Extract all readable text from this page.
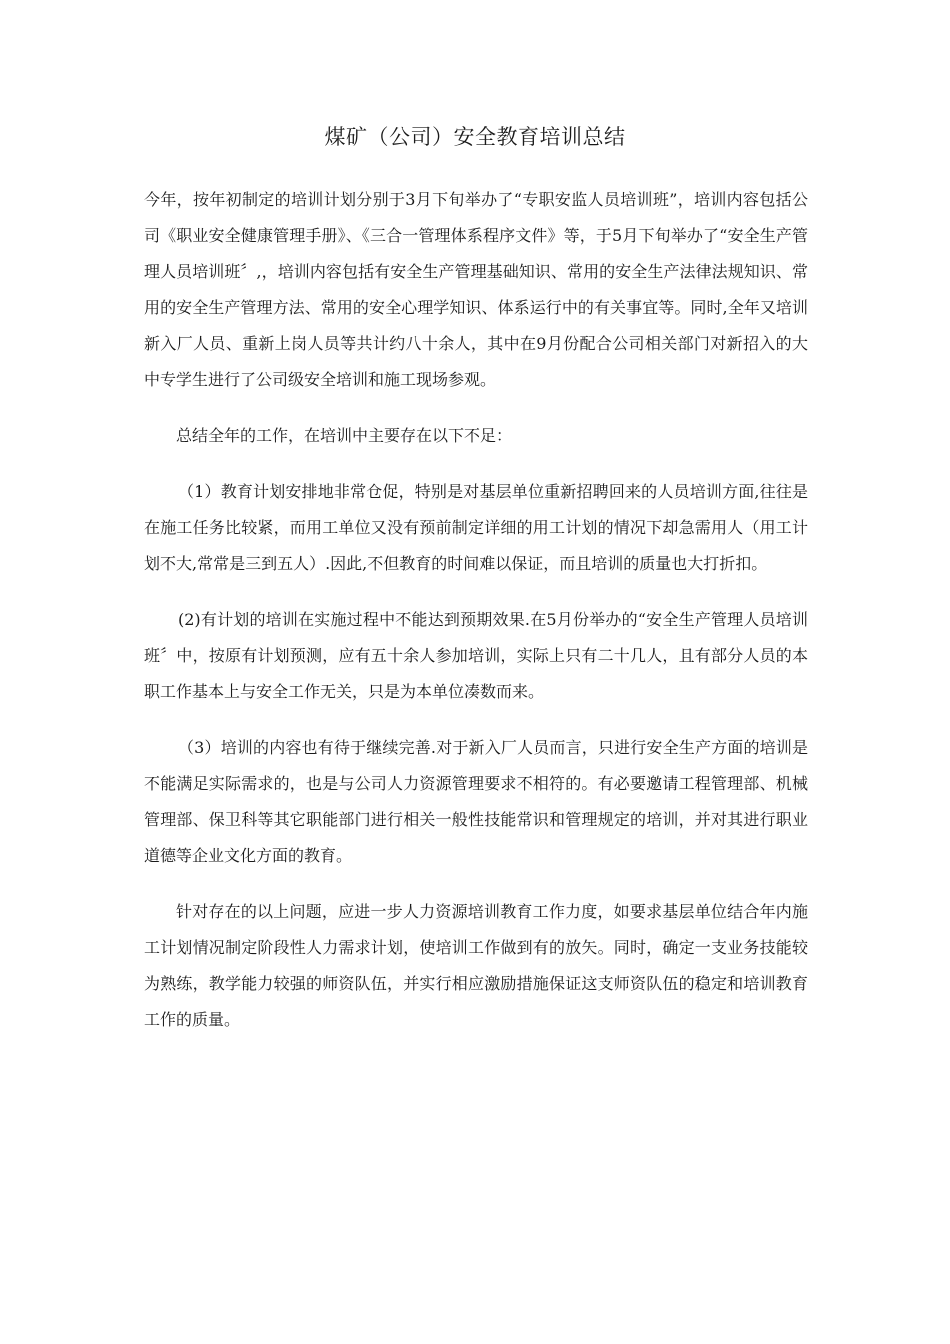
煤矿（公司）安全教育培训总结

今年，按年初制定的培训计划分别于3月下旬举办了“专职安监人员培训班”，培训内容包括公司《职业安全健康管理手册》、《三合一管理体系程序文件》等，于5月下旬举办了“安全生产管理人员培训班〞,，培训内容包括有安全生产管理基础知识、常用的安全生产法律法规知识、常用的安全生产管理方法、常用的安全心理学知识、体系运行中的有关事宜等。同时,全年又培训新入厂人员、重新上岗人员等共计约八十余人，其中在9月份配合公司相关部门对新招入的大中专学生进行了公司级安全培训和施工现场参观。

总结全年的工作，在培训中主要存在以下不足：

（1）教育计划安排地非常仓促，特别是对基层单位重新招聘回来的人员培训方面,往往是在施工任务比较紧，而用工单位又没有预前制定详细的用工计划的情况下却急需用人（用工计划不大,常常是三到五人）.因此,不但教育的时间难以保证，而且培训的质量也大打折扣。

(2)有计划的培训在实施过程中不能达到预期效果.在5月份举办的“安全生产管理人员培训班〞中，按原有计划预测，应有五十余人参加培训，实际上只有二十几人，且有部分人员的本职工作基本上与安全工作无关，只是为本单位凑数而来。

（3）培训的内容也有待于继续完善.对于新入厂人员而言，只进行安全生产方面的培训是不能满足实际需求的，也是与公司人力资源管理要求不相符的。有必要邀请工程管理部、机械管理部、保卫科等其它职能部门进行相关一般性技能常识和管理规定的培训，并对其进行职业道德等企业文化方面的教育。

针对存在的以上问题，应进一步人力资源培训教育工作力度，如要求基层单位结合年内施工计划情况制定阶段性人力需求计划，使培训工作做到有的放矢。同时，确定一支业务技能较为熟练，教学能力较强的师资队伍，并实行相应激励措施保证这支师资队伍的稳定和培训教育工作的质量。
